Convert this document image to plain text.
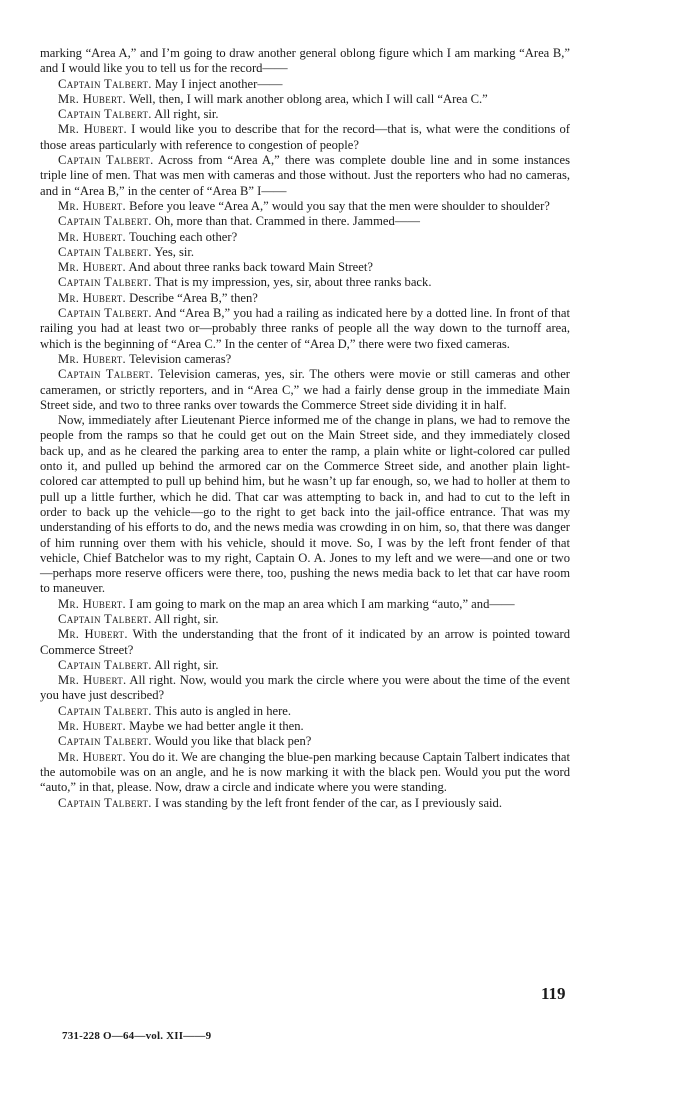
marking “Area A,” and I’m going to draw another general oblong figure which I am marking “Area B,” and I would like you to tell us for the record——

Captain Talbert. May I inject another——

Mr. Hubert. Well, then, I will mark another oblong area, which I will call “Area C.”

Captain Talbert. All right, sir.

Mr. Hubert. I would like you to describe that for the record—that is, what were the conditions of those areas particularly with reference to congestion of people?

Captain Talbert. Across from “Area A,” there was complete double line and in some instances triple line of men. That was men with cameras and those without. Just the reporters who had no cameras, and in “Area B,” in the center of “Area B” I——

Mr. Hubert. Before you leave “Area A,” would you say that the men were shoulder to shoulder?

Captain Talbert. Oh, more than that. Crammed in there. Jammed——

Mr. Hubert. Touching each other?

Captain Talbert. Yes, sir.

Mr. Hubert. And about three ranks back toward Main Street?

Captain Talbert. That is my impression, yes, sir, about three ranks back.

Mr. Hubert. Describe “Area B,” then?

Captain Talbert. And “Area B,” you had a railing as indicated here by a dotted line. In front of that railing you had at least two or—probably three ranks of people all the way down to the turnoff area, which is the beginning of “Area C.” In the center of “Area D,” there were two fixed cameras.

Mr. Hubert. Television cameras?

Captain Talbert. Television cameras, yes, sir. The others were movie or still cameras and other cameramen, or strictly reporters, and in “Area C,” we had a fairly dense group in the immediate Main Street side, and two to three ranks over towards the Commerce Street side dividing it in half.

Now, immediately after Lieutenant Pierce informed me of the change in plans, we had to remove the people from the ramps so that he could get out on the Main Street side, and they immediately closed back up, and as he cleared the parking area to enter the ramp, a plain white or light-colored car pulled onto it, and pulled up behind the armored car on the Commerce Street side, and another plain light-colored car attempted to pull up behind him, but he wasn’t up far enough, so, we had to holler at them to pull up a little further, which he did. That car was attempting to back in, and had to cut to the left in order to back up the vehicle—go to the right to get back into the jail-office entrance. That was my understanding of his efforts to do, and the news media was crowding in on him, so, that there was danger of him running over them with his vehicle, should it move. So, I was by the left front fender of that vehicle, Chief Batchelor was to my right, Captain O. A. Jones to my left and we were—and one or two—perhaps more reserve officers were there, too, pushing the news media back to let that car have room to maneuver.

Mr. Hubert. I am going to mark on the map an area which I am marking “auto,” and——

Captain Talbert. All right, sir.

Mr. Hubert. With the understanding that the front of it indicated by an arrow is pointed toward Commerce Street?

Captain Talbert. All right, sir.

Mr. Hubert. All right. Now, would you mark the circle where you were about the time of the event you have just described?

Captain Talbert. This auto is angled in here.

Mr. Hubert. Maybe we had better angle it then.

Captain Talbert. Would you like that black pen?

Mr. Hubert. You do it. We are changing the blue-pen marking because Captain Talbert indicates that the automobile was on an angle, and he is now marking it with the black pen. Would you put the word “auto,” in that, please. Now, draw a circle and indicate where you were standing.

Captain Talbert. I was standing by the left front fender of the car, as I previously said.

119
731-228 O—64—vol. XII——9
